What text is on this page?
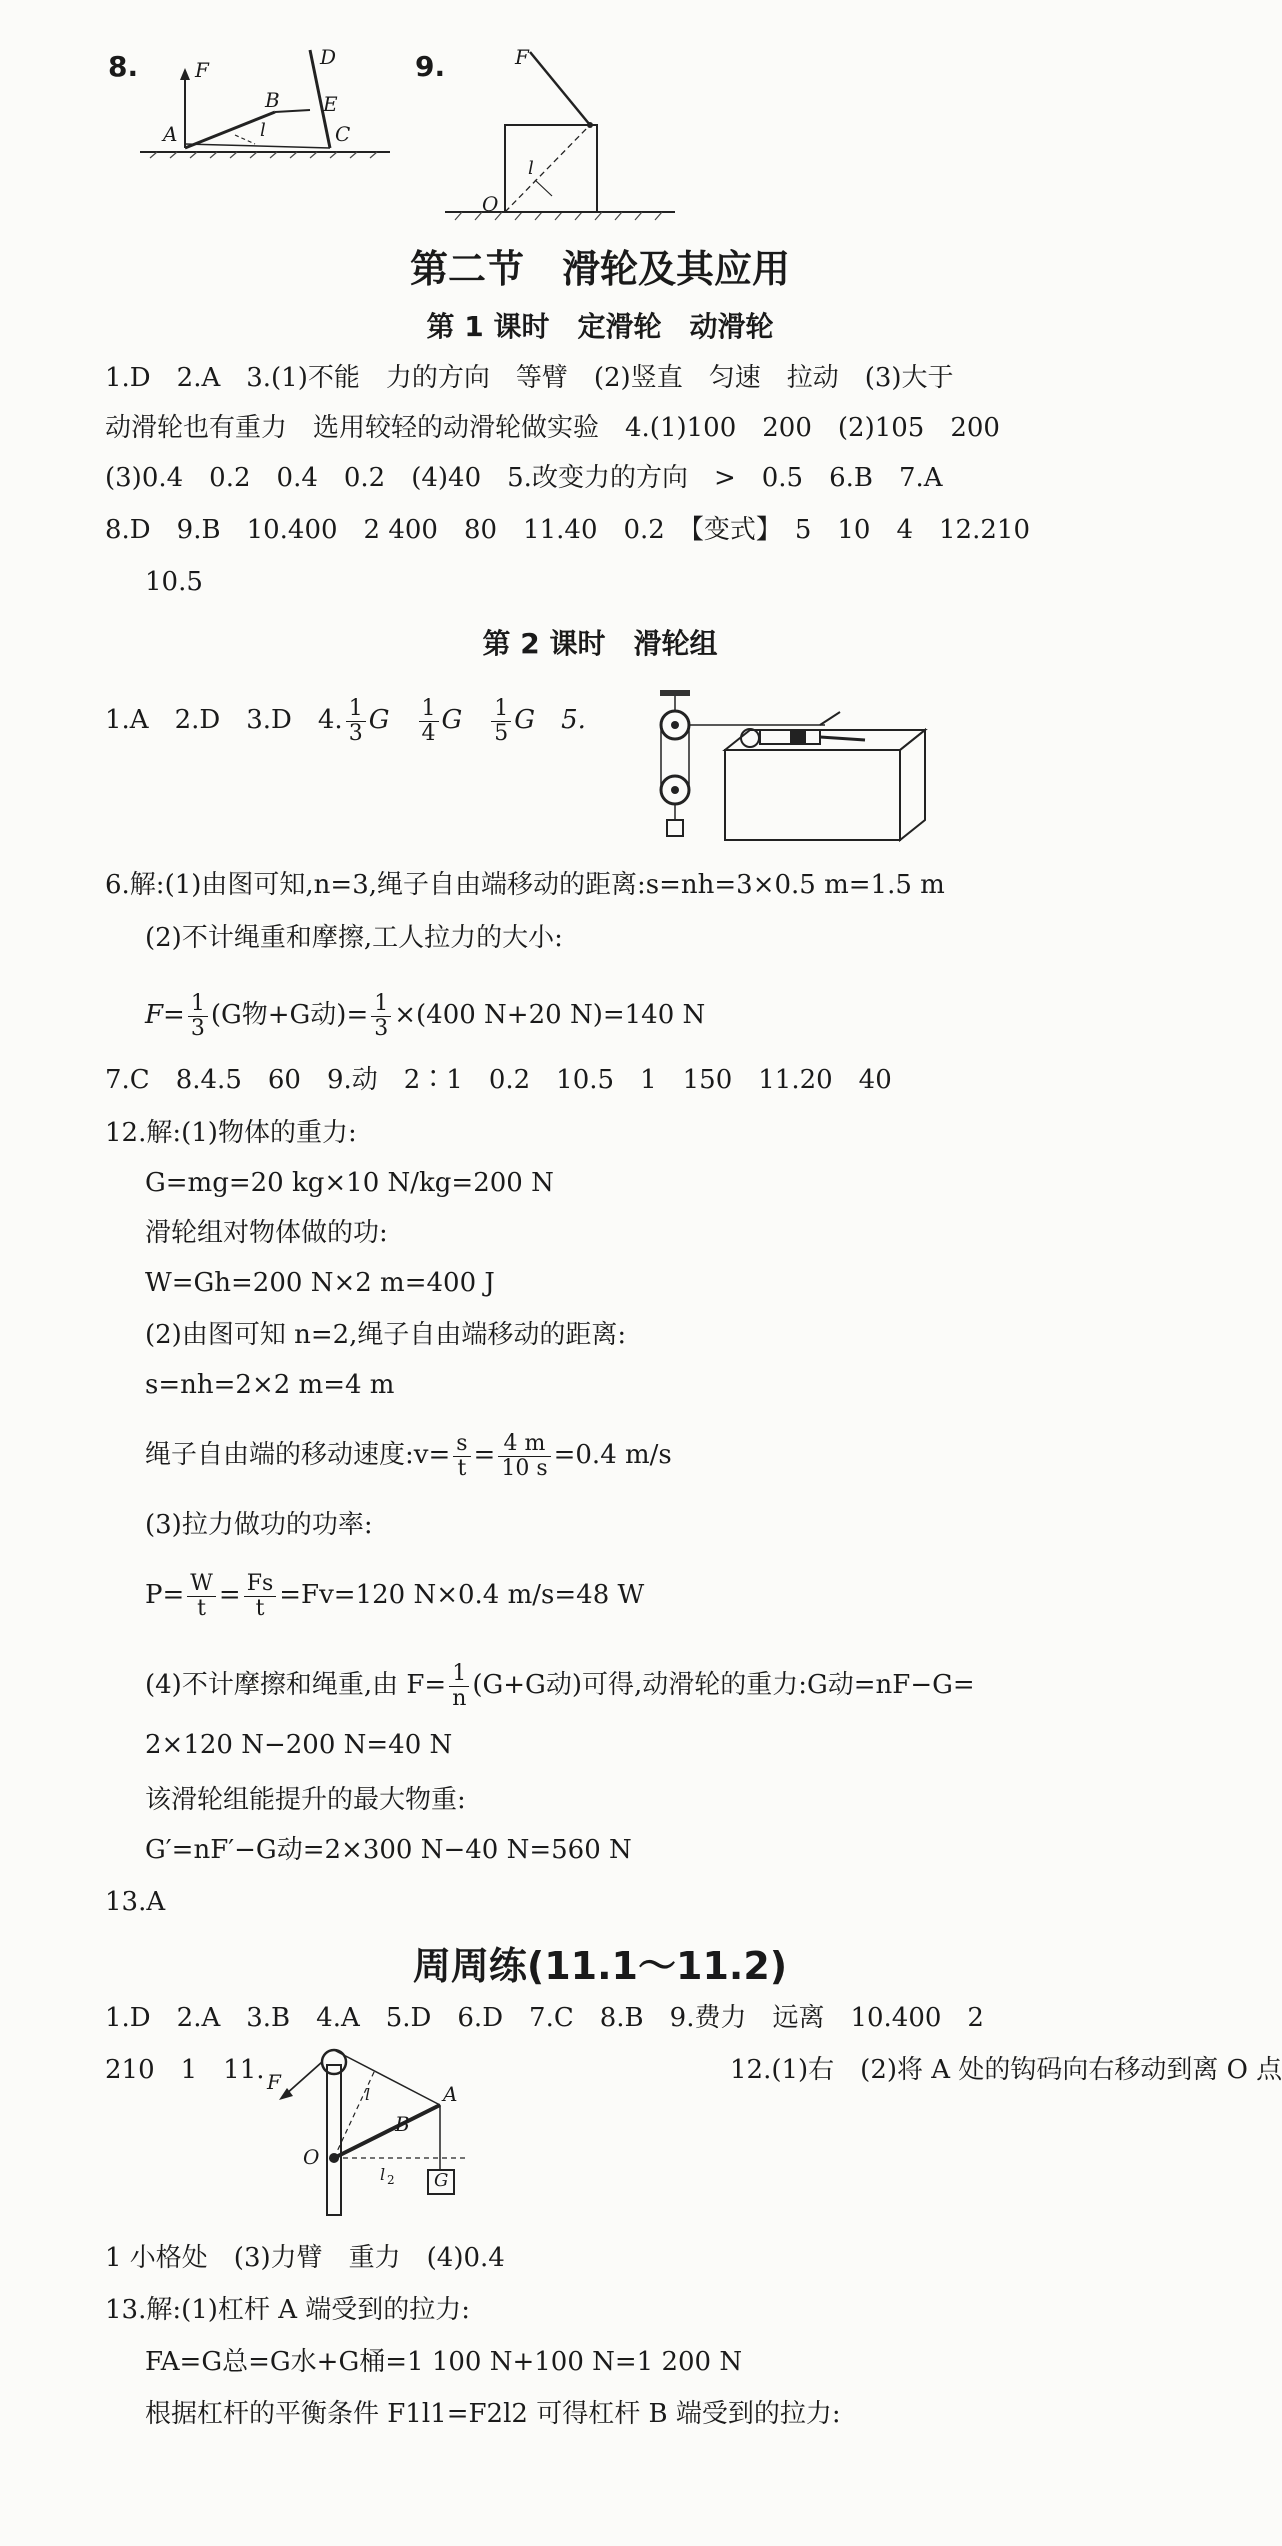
8.	F
D
B E
A	C
l
9.	F
l
O
第二节　滑轮及其应用
第 1 课时　定滑轮　动滑轮
1.D　2.A　3.(1)不能　力的方向　等臂　(2)竖直　匀速　拉动　(3)大于
动滑轮也有重力　选用较轻的动滑轮做实验　4.(1)100　200　(2)105　200
(3)0.4　0.2　0.4　0.2　(4)40　5.改变力的方向　>　0.5　6.B　7.A
8.D　9.B　10.400　2 400　80　11.40　0.2　【变式】　5　10　4　12.210
10.5
第 2 课时　滑轮组
1.A　2.D　3.D　4. $\frac{1}{3}$ G　 $\frac{1}{4}$ G　 $\frac{1}{5}$ G　5.
6.解:(1)由图可知,n=3,绳子自由端移动的距离:s=nh=3×0.5 m=1.5 m
(2)不计绳重和摩擦,工人拉力的大小:
$F= \frac{1}{3} (G$物+G动)= $\frac{1}{3} \times(400$ N+20 N)=140 N
7.C　8.4.5　60　9.动　2∶1　0.2　10.5　1　150　11.20　40
12.解:(1)物体的重力:
G=mg=20 kg×10 N/kg=200 N
滑轮组对物体做的功:
W=Gh=200 N×2 m=400 J
(2)由图可知 n=2,绳子自由端移动的距离:
s=nh=2×2 m=4 m
绳子自由端的移动速度:v= $\frac{s}{t} = \frac{4 m}{10 s} =0.4$ m/s
(3)拉力做功的功率:
$P= \frac{W}{t} = \frac{Fs}{t} =Fv=120$ N×0.4 m/s=48 W
(4)不计摩擦和绳重,由 $F= \frac{1}{n} (G+G$动)可得,动滑轮的重力:G动=nF−G=
2×120 N−200 N=40 N
该滑轮组能提升的最大物重:
G′=nF′−G动=2×300 N−40 N=560 N
13.A
周周练(11.1～11.2)
1.D　2.A　3.B　4.A　5.D　6.D　7.C　8.B　9.费力　远离　10.400　2
210　1　11.	12.(1)右　(2)将 A 处的钩码向右移动到离 O 点
F	A
B
l
O
l 2 G
1 小格处　(3)力臂　重力　(4)0.4
13.解:(1)杠杆 A 端受到的拉力:
FA=G总=G水+G桶=1 100 N+100 N=1 200 N
根据杠杆的平衡条件 F1l1=F2l2 可得杠杆 B 端受到的拉力:
